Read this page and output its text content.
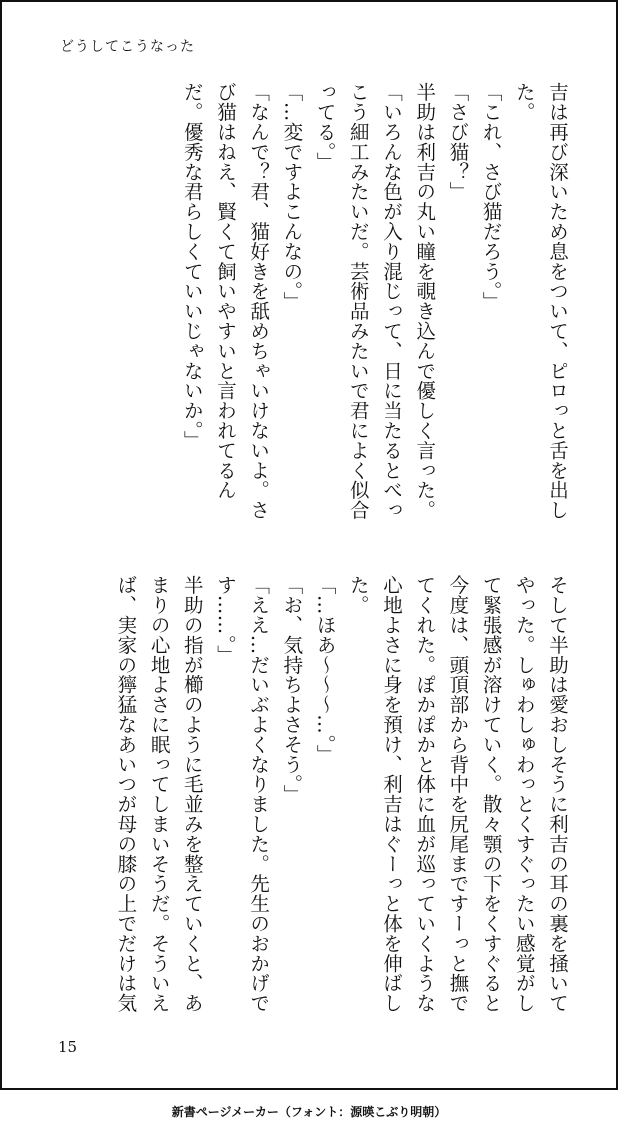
どうしてこうなった

吉は再び深いため息をついて、ピロっと舌を出した。

「これ、さび猫だろう。」

「さび猫？」

半助は利吉の丸い瞳を覗き込んで優しく言った。

「いろんな色が入り混じって、日に当たるとべっこう細工みたいだ。芸術品みたいで君によく似合ってる。」

「…変ですよこんなの。」

「なんで？君、猫好きを舐めちゃいけないよ。さび猫はねえ、賢くて飼いやすいと言われてるんだ。優秀な君らしくていいじゃないか。」

そして半助は愛おしそうに利吉の耳の裏を掻いてやった。しゅわしゅわっとくすぐったい感覚がして緊張感が溶けていく。散々顎の下をくすぐると今度は、頭頂部から背中を尻尾まですーっと撫でてくれた。ぽかぽかと体に血が巡っていくような心地よさに身を預け、利吉はぐーっと体を伸ばした。

「…ほあ〜〜〜…。」

「お、気持ちよさそう。」

「ええ…だいぶよくなりました。先生のおかげです……。」

半助の指が櫛のように毛並みを整えていくと、あまりの心地よさに眠ってしまいそうだ。そういえば、実家の獰猛なあいつが母の膝の上でだけは気

15
新書ページメーカー（フォント：源暎こぶり明朝）
